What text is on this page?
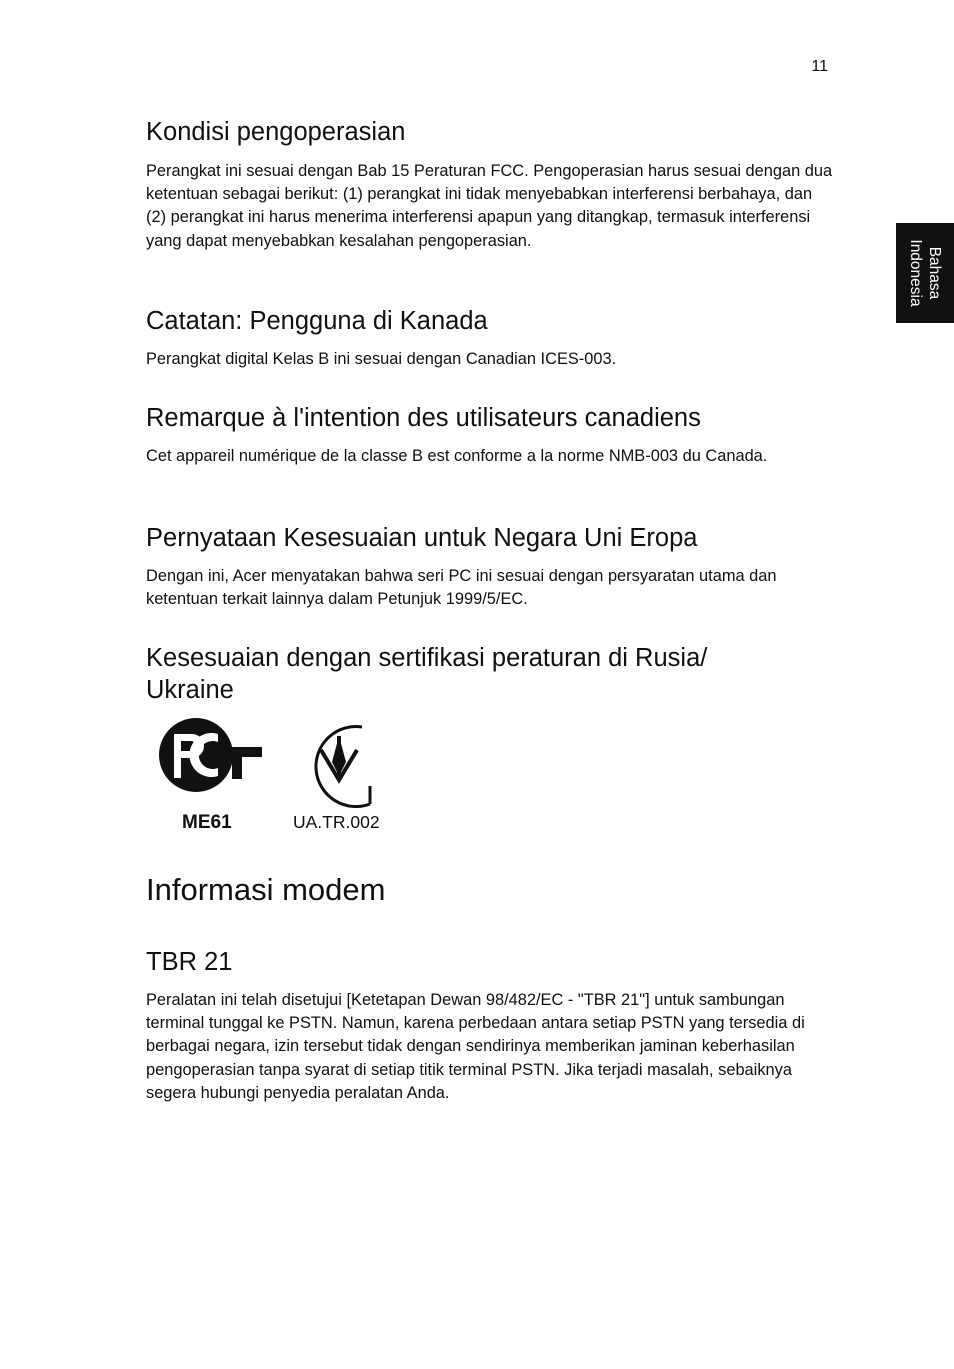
11
Bahasa
Indonesia
Kondisi pengoperasian

Perangkat ini sesuai dengan Bab 15 Peraturan FCC. Pengoperasian harus sesuai dengan dua ketentuan sebagai berikut: (1) perangkat ini tidak menyebabkan interferensi berbahaya, dan (2) perangkat ini harus menerima interferensi apapun yang ditangkap, termasuk interferensi yang dapat menyebabkan kesalahan pengoperasian.

Catatan: Pengguna di Kanada

Perangkat digital Kelas B ini sesuai dengan Canadian ICES-003.

Remarque à l'intention des utilisateurs canadiens

Cet appareil numérique de la classe B est conforme a la norme NMB-003 du Canada.

Pernyataan Kesesuaian untuk Negara Uni Eropa

Dengan ini, Acer menyatakan bahwa seri PC ini sesuai dengan persyaratan utama dan ketentuan terkait lainnya dalam Petunjuk 1999/5/EC.

Kesesuaian dengan sertifikasi peraturan di Rusia/ Ukraine
ME61	UA.TR.002
Informasi modem
TBR 21

Peralatan ini telah disetujui [Ketetapan Dewan 98/482/EC - "TBR 21"] untuk sambungan terminal tunggal ke PSTN. Namun, karena perbedaan antara setiap PSTN yang tersedia di berbagai negara, izin tersebut tidak dengan sendirinya memberikan jaminan keberhasilan pengoperasian tanpa syarat di setiap titik terminal PSTN. Jika terjadi masalah, sebaiknya segera hubungi penyedia peralatan Anda.
